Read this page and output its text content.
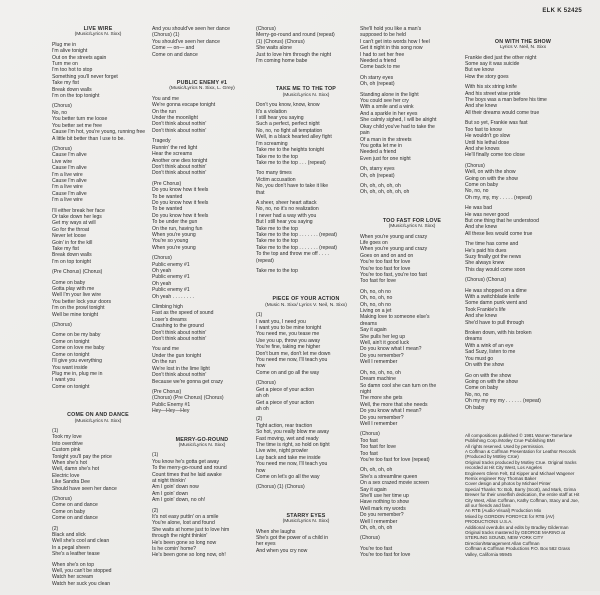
ELK K 52425
LIVE WIRE
(Music/Lyrics N. Sixx)
Plug me in
I'm alive tonight
Out on the streets again
Turn me on
I'm too hot to stop
Something you'll never forget
Take my fist
Break down walls
I'm on the top tonight
(Chorus)
No, no
You better turn me loose
You better set me free
Cause I'm hot, you're young, running free
A little bit better than I use to be.
(Chorus)
Cause I'm alive
Live wire
Cause I'm alive
I'm a live wire
Cause I'm alive
I'm a live wire
Cause I'm alive
I'm a live wire
I'll either break her face
Or take down her legs
Get my ways at will
Go for the throat
Never let loose
Goin' in for the kill
Take my fist
Break down walls
I'm on top tonight
(Pre Chorus) (Chorus)
Come on baby
Gotta play with me
Well I'm your live wire
You better lock your doors
I'm on the prowl tonight
Well be mine tonight
(Chorus)
Come on be my baby
Come on tonight
Come on love me baby
Come on tonight
I'll give you everything
You want inside
Plug me in, plug me in
I want you
Come on tonight
COME ON AND DANCE
(Music/Lyrics N. Sixx)
(1)
Took my love
Into overdrive
Custom pink
Tonight you'll pay the price
When she's hot
Well, damn she's hot
Electric love
Like Sandra Dee
Should have seen her dance
(Chorus)
Come on and dance
Come on baby
Come on and dance
(2)
Black and slick
Well she's cool and clean
In a pegal sheen
She's a leather tease
When she's on top
Well, you can't be stopped
Watch her scream
Watch her suck you clean
And you should've seen her dance
(Chorus) (1)
You should've seen her dance
Come — on— and
Come on and dance
PUBLIC ENEMY #1
(Music/Lyrics N. Sixx, L. Grey)
You and me
We're gonna escape tonight
On the run
Under the moonlight
Don't think about nothin'
Don't think about nothin'
Tragedy
Runnin' the red light
Hear the screams
Another one dies tonight
Don't think about nothin'
Don't think about nothin'
(Pre Chorus)
Do you know how it feels
To be wanted
Do you know how it feels
To be wanted
Do you know how it feels
To be under the gun
On the run, having fun
When you're young
You're so young
When you're young
(Chorus)
Public enemy #1
Oh yeah
Public enemy #1
Oh yeah
Public enemy #1
Oh yeah . . . . . . . .
Climbing high
Fast as the speed of sound
Loser's dreams
Crashing to the ground
Don't think about nothin'
Don't think about nothin'
You and me
Under the gun tonight
On the run
We're lost in the lime light
Don't think about nothin'
Because we're gonna get crazy
(Pre Chorus)
(Chorus) (Pre Chorus) (Chorus)
Public Enemy #1
Hey—Hey—Hey
MERRY-GO-ROUND
(Music/Lyrics N. Sixx)
(1)
You know he's gotta get away
To the merry-go-round and round
Count times that he laid awake
at night thinkin'
Am I goin' down now
Am I goin' down
Am I goin' down, no oh!
(2)
It's not easy puttin' on a smile
You're alone, lost and found
She waits at home just to love him
through the night thinkin'
He's been gone so long now
Is he comin' home?
He's been gone so long now, oh!
(Chorus)
Merry-go-round and round (repeat)
(1) (Chorus) (Chorus)
She waits alone
Just to love him through the night
I'm coming home babe
TAKE ME TO THE TOP
(Music/Lyrics N. Sixx)
Don't you know, know, know
It's a violation
I still hear you saying
Such a perfect, perfect night
No, no, no fight all temptation
Well, in a black hearted alley fight
I'm screaming
Take me to the heights tonight
Take me to the top
Take me to the top . . . (repeat)
Too many times
Victim accusation
No, you don't have to take it like
that
A sheer, sheer heart attack
No, no, no it's no realization
I never had a way with you
But I still hear you saying
Take me to the top
Take me to the top . . . . . . . (repeat)
Take me to the top
Take me to the top . . . . . . . (repeat)
To the top and throw me off . . . .
(repeat)
Take me to the top
PIECE OF YOUR ACTION
(Music N. Sixx/ Lyrics V. Neil, N. Sixx)
(1)
I want you, I need you
I want you to be mine tonight
You need me, you tease me
Use you up, throw you away
You're fine, taking me higher
Don't burn me, don't let me down
You need me now, I'll teach you
how
Come on and go all the way
(Chorus)
Get a piece of your action
ah oh
Get a piece of your action
ah oh
(2)
Tight action, rear traction
So hot, you really blow me away
Fast moving, wet and ready
The time is right, so hold on tight
Live wire, night prowler
Lay back and take me inside
You need me now, I'll teach you
how
Come on let's go all the way
(Chorus) (1) (Chorus)
STARRY EYES
(Music/Lyrics N. Sixx)
When she laughs
She's got the power of a child in
her eyes
And when you cry now
She'll hold you like a man's
supposed to be held
I can't get into words how I feel
Get it night in this song now
I had to set her free
Needed a friend
Come back to me
Oh starry eyes
Oh, oh (repeat)
Standing alone in the light
You could see her cry
With a smile and a wink
And a sparkle in her eyes
She calmly sighed, I will be alright
Okay child you've had to take the
pain
Of a man in the streets
You gotta let me in
Needed a friend
Even just for one night
Oh, starry eyes
Oh, oh (repeat)
Oh, oh, oh, oh, oh
Oh, oh, oh, oh, oh, oh
TOO FAST FOR LOVE
(Music/Lyrics N. Sixx)
When you're young and crazy
Life goes on
When you're young and crazy
Goes on and on and on
You're too fast for love
You're too fast for love
You're too fast, you're too fast
Too fast for love
Oh, no, oh no
Oh, no, oh, no
Oh, no, oh no
Living on a jet
Making love to someone else's
dreams
Say it again
She pulls her leg up
Well, ain't it good luck
Do you know what I mean?
Do you remember?
Well I remember
Oh, no, oh, no, oh
Dream machine
So damn cool she can turn on the
night
The more she gets
Well, the more that she needs
Do you know what I mean?
Do you remember?
Well I remember
(Chorus)
Too fast
Too fast for love
Too fast
You're too fast for love (repeat)
Oh, oh, oh, oh
She's a streamline queen
On a sex crazed movie screen
Say it again
She'll use her time up
Have nothing to show
Well mark my words
Do you remember?
Well I remember
Oh, oh, oh, oh
(Chorus)
You're too fast
You're too fast for love

ON WITH THE SHOW
Lyrics V. Neil, N. Sixx
Frankie died just the other night
Some say it was suicide
But we know
How the story goes
With his six string knife
And his street wise pride
The boys was a man before his time
And she knew
All their dreams would come true
But so yet, Frankie was fast
Too fast to know
He wouldn't go slow
Until his lethal dose
And she knows
He'll finally come too close
(Chorus)
Well, on with the show
Going on with the show
Come on baby
No, no, no
Oh my, my, my . . . . . (repeat)
He was bad
He was never good
But one thing that he understood
And she knew
All these lies would come true
The time has come and
He's paid his dues
Suzy finally got the news
She always knew
This day would come soon
(Chorus) (Chorus)
He was shopped on a dime
With a switchblade knife
Some damn punk went and
Took Frankie's life
And she knew
She'd have to pull through
Broken down, with his broken
dreams
With a wink of an eye
Sad Suzy, listen to me
You must go
On with the show
Go on with the show
Going on with the show
Come on baby
No, no, no
Oh my my my my . . . . . . (repeat)
Oh baby

All compositions published © 1981 Warner-Tamerlane Publishing Corp./Motley Crue Publishing BMI

All rights reserved. Used by permission.

A Coffman & Coffman Presentation for Leathür Records (Produced by Mötley Crüe)

Original tracks produced by Motley Crue. Original tracks recorded at Hit City West, Los Angeles

Engineers Glenn Felt, Ed Kipper and Michael Wagener

Remix engineer Roy Thomas Baker

Cover design and photos by Michael Pinter

Special Thanks To: Bob, Barry (Scott), and Mark, Grima Brewer for their unselfish dedication, the entire staff at Hit City West, Allan Coffman, Kathy Coffman, Stacy and Joe, all our friends and fans

An RTB (Audio-Visual) Production Mix

Mixed by GORDON FORDYCE for RTB (AV) PRODUCTIONS U.S.A.

Additional overdubs and edits by Bradley Gilderman

Original tracks mastered by GEORGE MARINO at STERLING SOUND, NEW YORK CITY

Direction/Management Allan Coffman

Coffman & Coffman Productions P.O. Box 582 Grass Valley, California 95945
